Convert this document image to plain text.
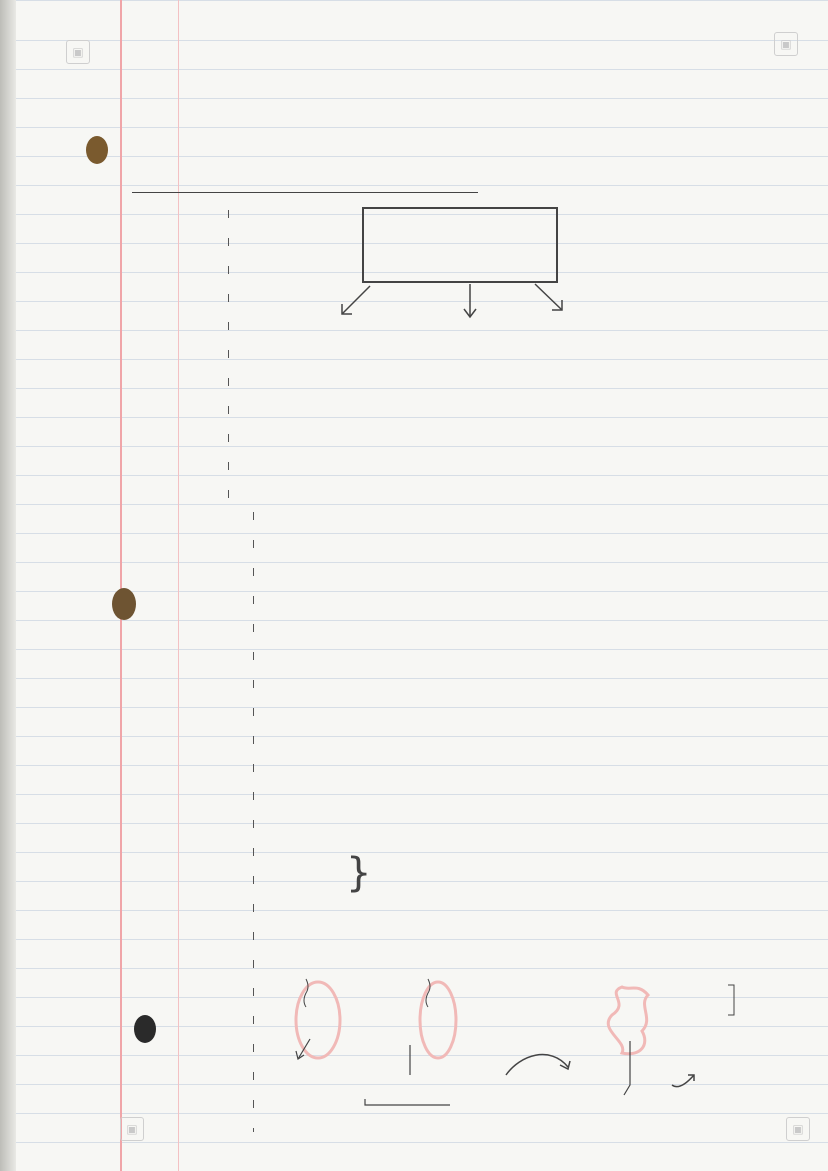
▣
▣
▣	▣
}
